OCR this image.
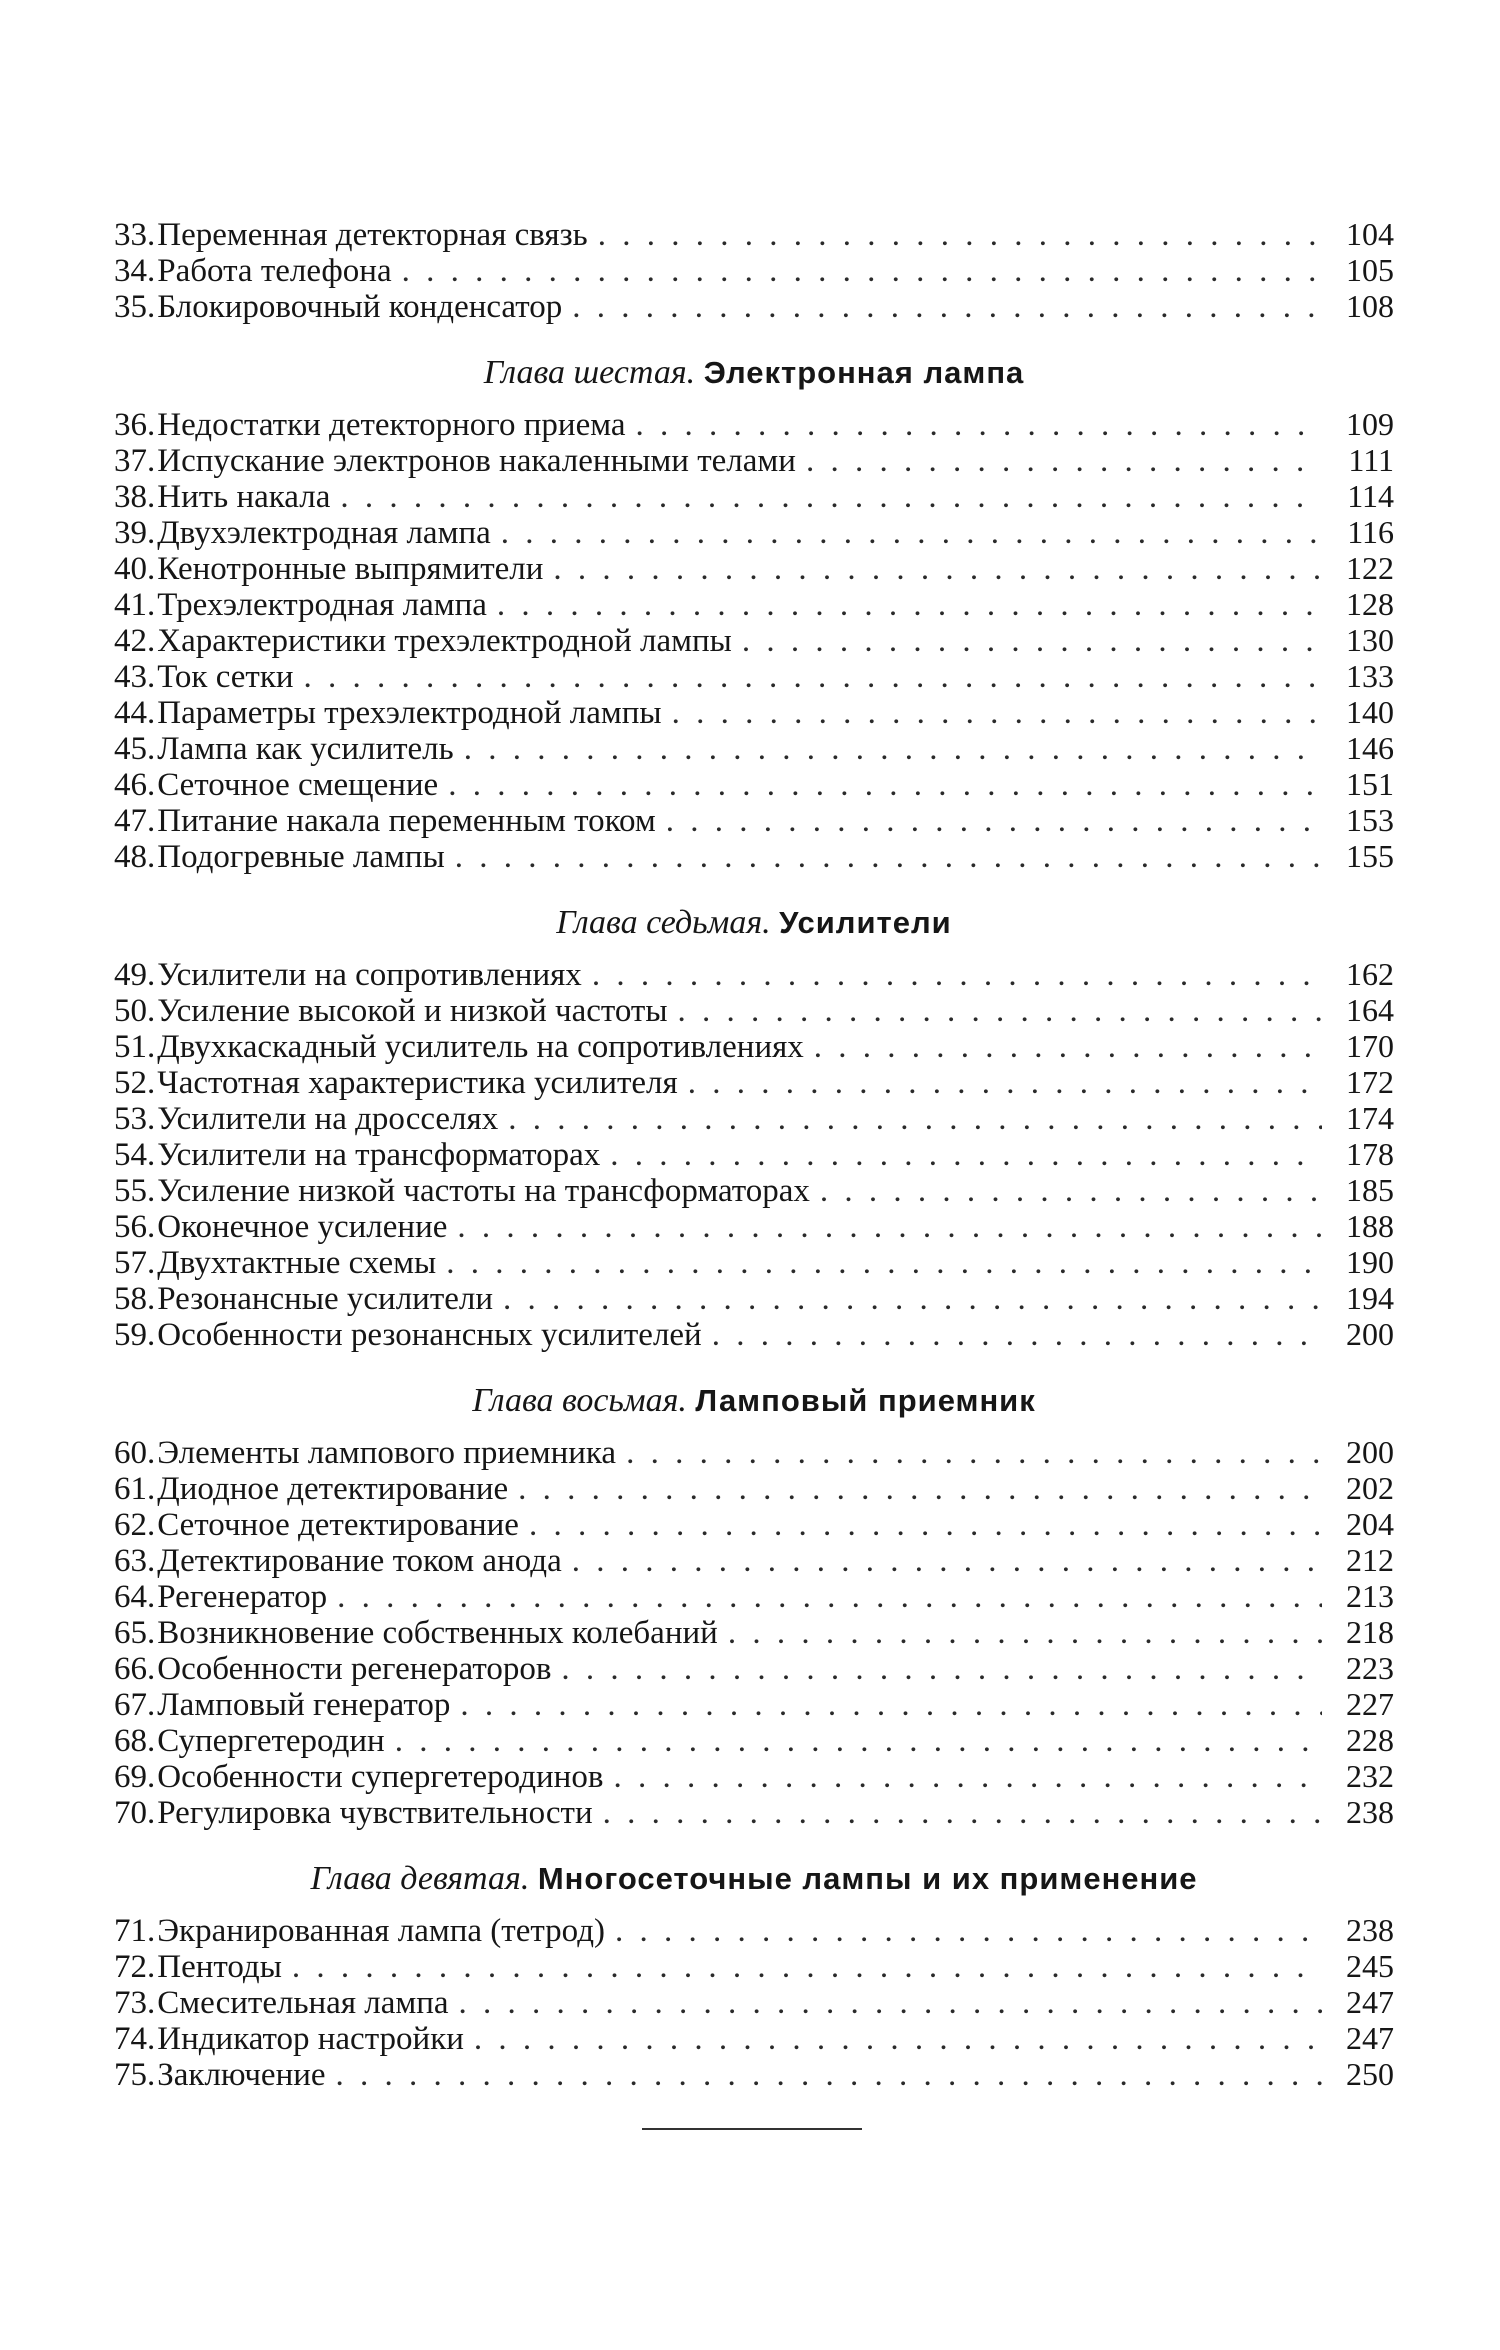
33. Переменная детекторная связь . . .	104
34. Работа телефона . . .	105
35. Блокировочный конденсатор . . .	108
Глава шестая. Электронная лампа
36. Недостатки детекторного приема . . .	109
37. Испускание электронов накаленными телами . . .	111
38. Нить накала . . .	114
39. Двухэлектродная лампа . . .	116
40. Кенотронные выпрямители . . .	122
41. Трехэлектродная лампа . . .	128
42. Характеристики трехэлектродной лампы . . .	130
43. Ток сетки . . .	133
44. Параметры трехэлектродной лампы . . .	140
45. Лампа как усилитель . . .	146
46. Сеточное смещение . . .	151
47. Питание накала переменным током . . .	153
48. Подогревные лампы . . .	155
Глава седьмая. Усилители
49. Усилители на сопротивлениях . . .	162
50. Усиление высокой и низкой частоты . . .	164
51. Двухкаскадный усилитель на сопротивлениях . . .	170
52. Частотная характеристика усилителя . . .	172
53. Усилители на дросселях . . .	174
54. Усилители на трансформаторах . . .	178
55. Усиление низкой частоты на трансформаторах . . .	185
56. Оконечное усиление . . .	188
57. Двухтактные схемы . . .	190
58. Резонансные усилители . . .	194
59. Особенности резонансных усилителей . . .	200
Глава восьмая. Ламповый приемник
60. Элементы лампового приемника . . .	200
61. Диодное детектирование . . .	202
62. Сеточное детектирование . . .	204
63. Детектирование током анода . . .	212
64. Регенератор . . .	213
65. Возникновение собственных колебаний . . .	218
66. Особенности регенераторов . . .	223
67. Ламповый генератор . . .	227
68. Супергетеродин . . .	228
69. Особенности супергетеродинов . . .	232
70. Регулировка чувствительности . . .	238
Глава девятая. Многосеточные лампы и их применение
71. Экранированная лампа (тетрод) . . .	238
72. Пентоды . . .	245
73. Смесительная лампа . . .	247
74. Индикатор настройки . . .	247
75. Заключение . . .	250
